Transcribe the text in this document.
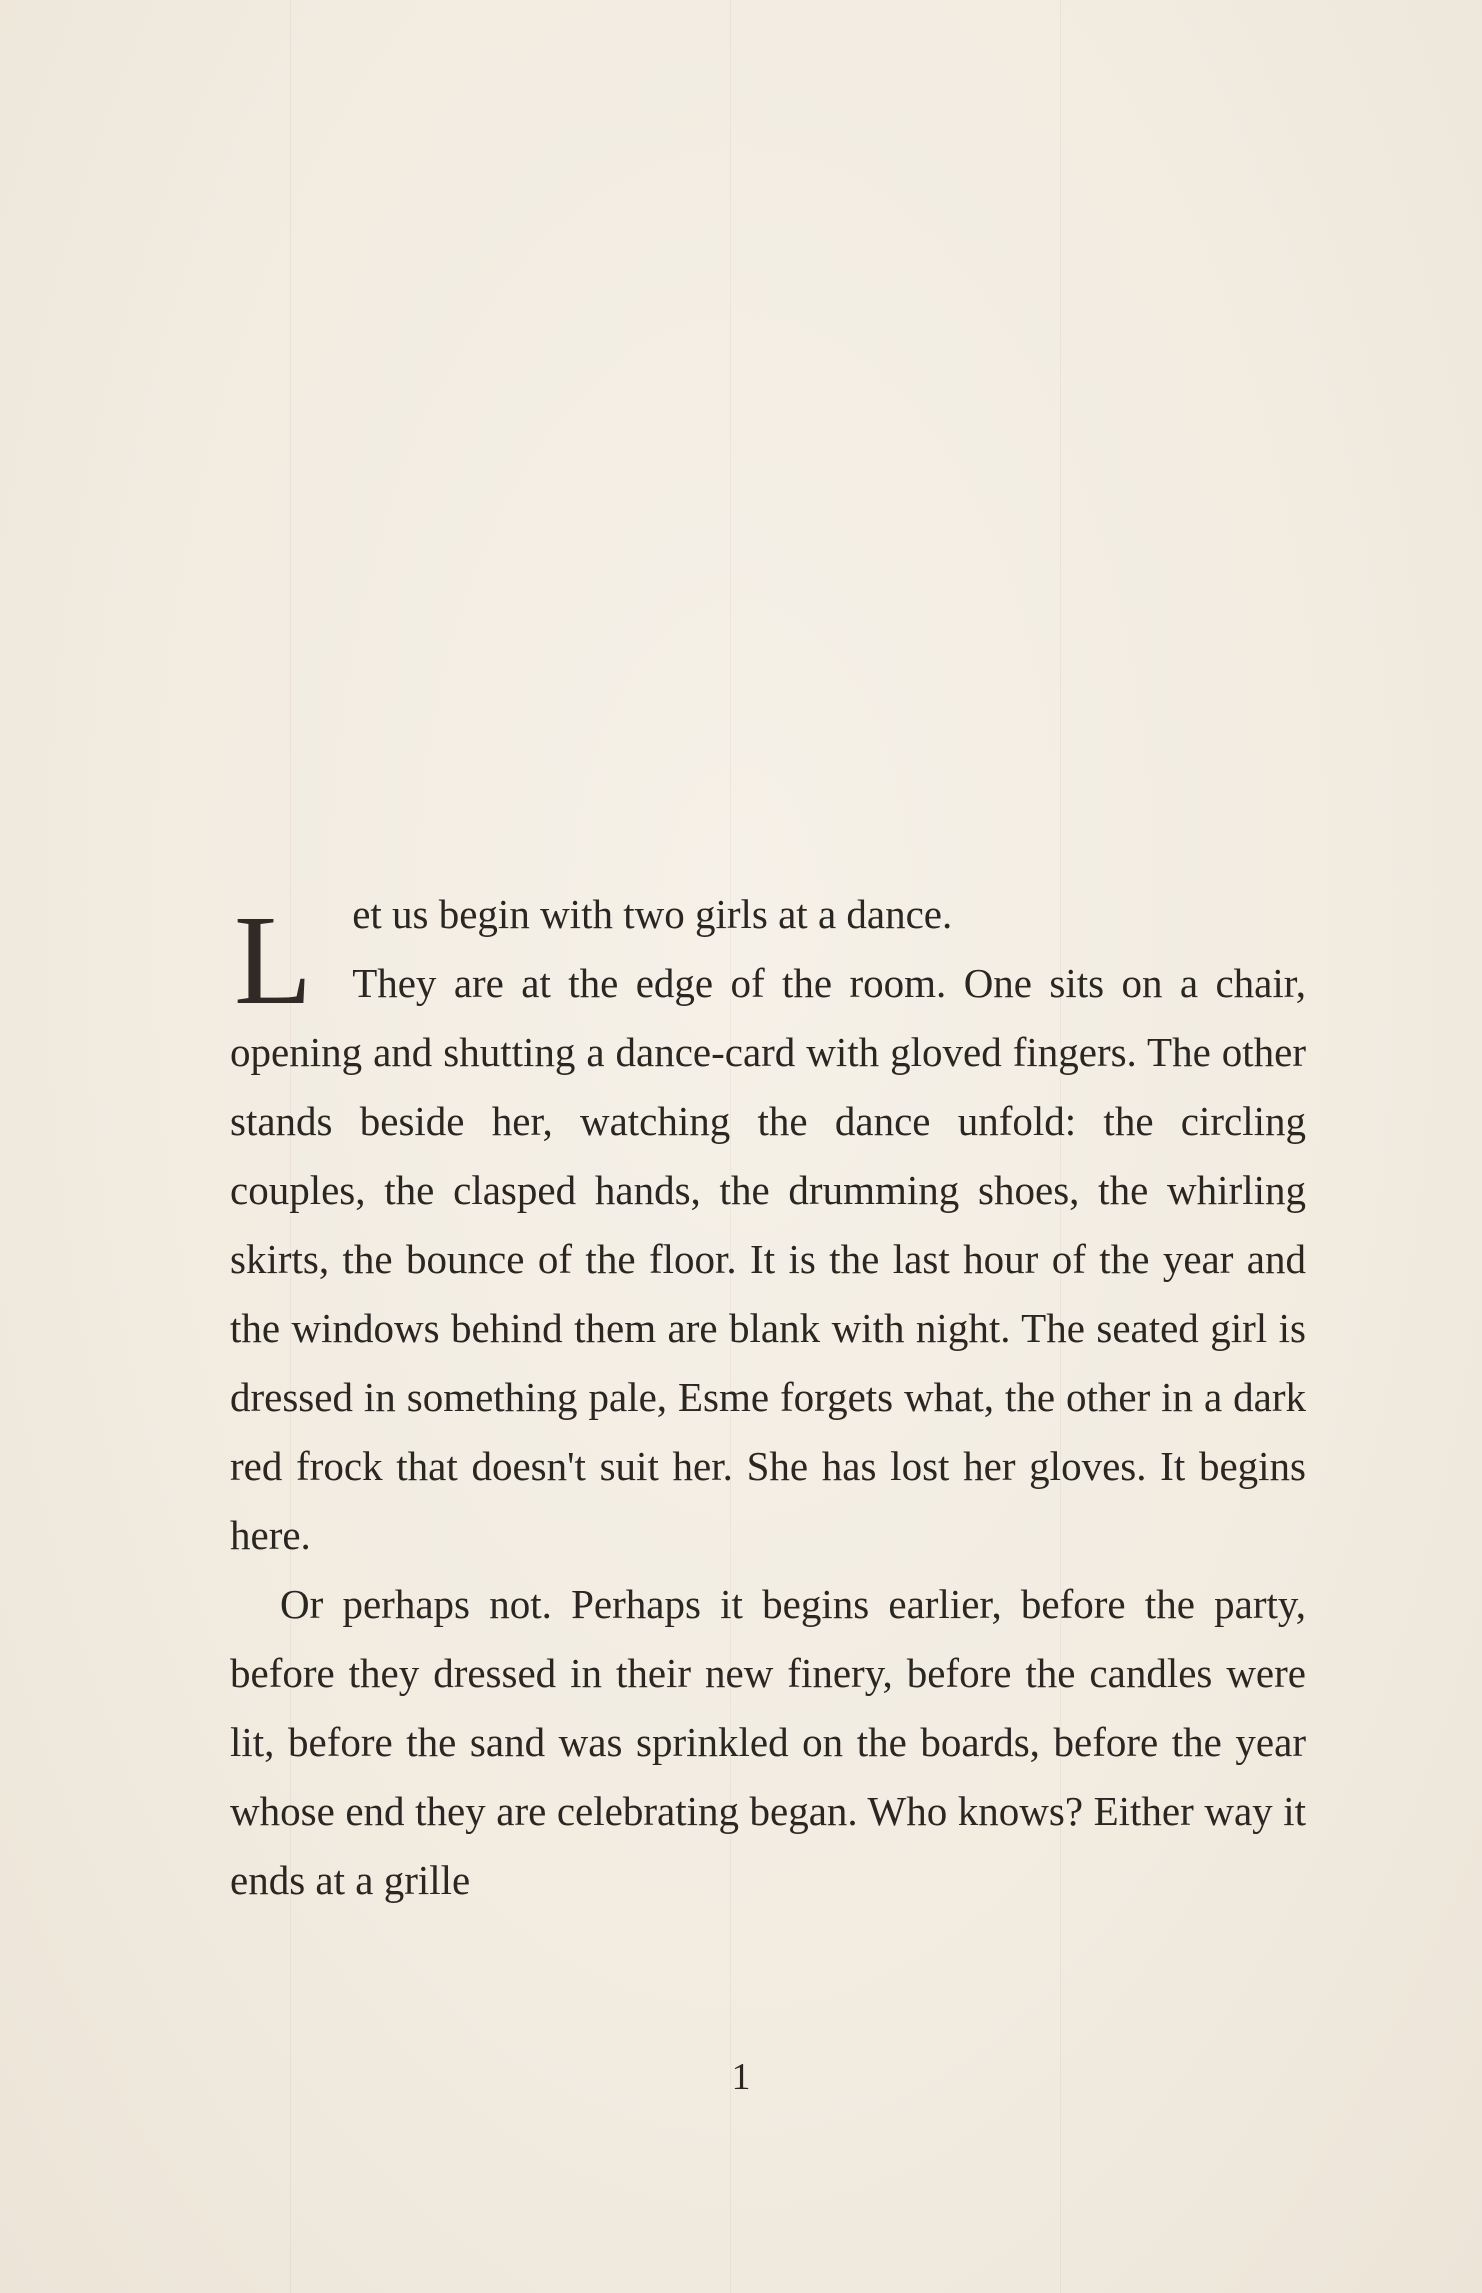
L et us begin with two girls at a dance.

They are at the edge of the room. One sits on a chair, opening and shutting a dance-card with gloved fingers. The other stands beside her, watching the dance unfold: the circling couples, the clasped hands, the drumming shoes, the whirling skirts, the bounce of the floor. It is the last hour of the year and the windows behind them are blank with night. The seated girl is dressed in something pale, Esme forgets what, the other in a dark red frock that doesn't suit her. She has lost her gloves. It begins here.

Or perhaps not. Perhaps it begins earlier, before the party, before they dressed in their new finery, before the candles were lit, before the sand was sprinkled on the boards, before the year whose end they are celebrating began. Who knows? Either way it ends at a grille

1
